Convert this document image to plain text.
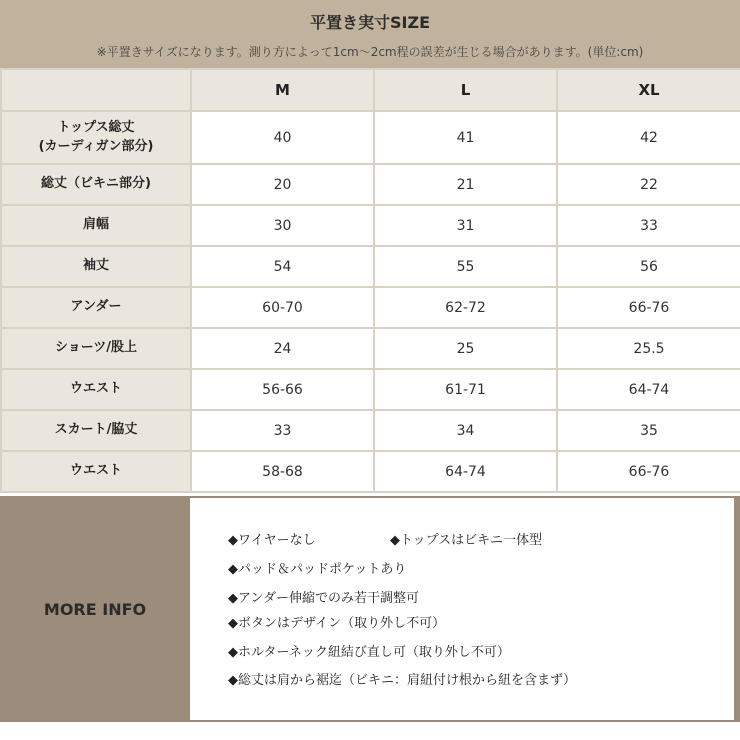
平置き実寸SIZE
※平置きサイズになります。測り方によって1cm～2cm程の誤差が生じる場合があります。(単位:cm)
	M	L	XL

トップス総丈
(カーディガン部分)	40	41	42
総丈（ビキニ部分)	20	21	22
肩幅	30	31	33
袖丈	54	55	56
アンダー	60-70	62-72	66-76
ショーツ/股上	24	25	25.5
ウエスト	56-66	61-71	64-74
スカート/脇丈	33	34	35
ウエスト	58-68	64-74	66-76
MORE INFO
◆ワイヤーなし	◆トップスはビキニ一体型
◆パッド＆パッドポケットあり
◆アンダー伸縮でのみ若干調整可
◆ボタンはデザイン（取り外し不可）
◆ホルターネック紐結び直し可（取り外し不可）
◆総丈は肩から裾迄（ビキニ：肩紐付け根から紐を含まず）
